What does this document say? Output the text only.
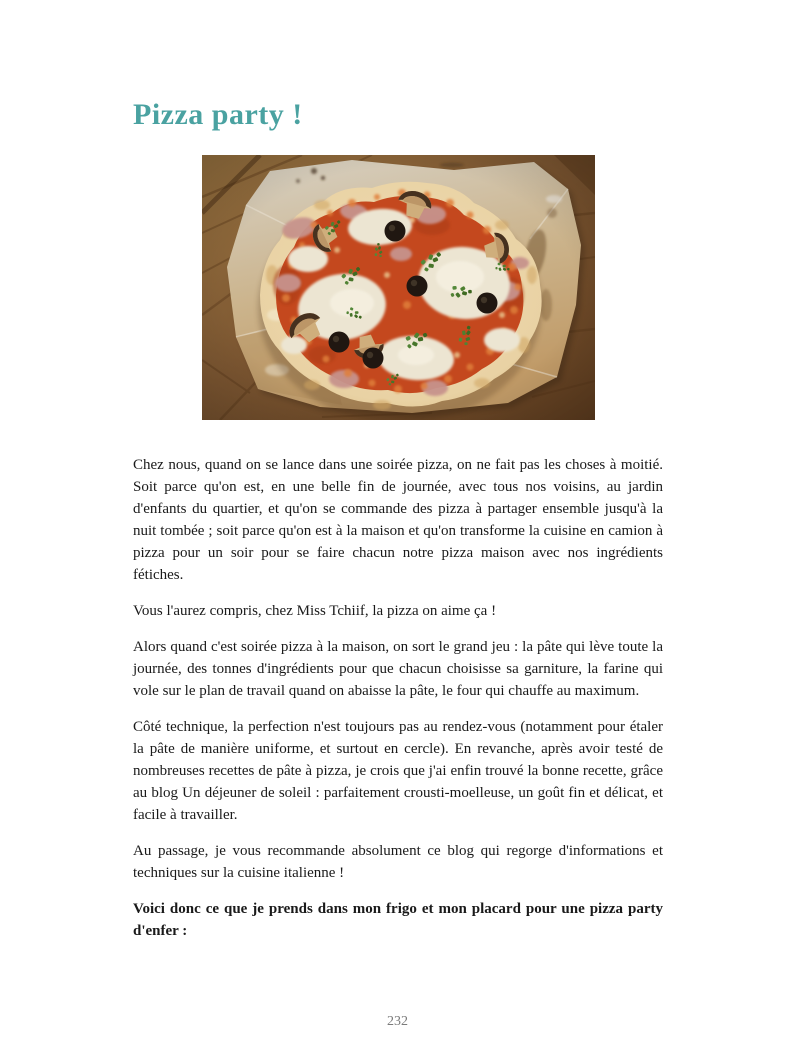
Pizza party !

Chez nous, quand on se lance dans une soirée pizza, on ne fait pas les choses à moitié. Soit parce qu'on est, en une belle fin de journée, avec tous nos voisins, au jardin d'enfants du quartier, et qu'on se commande des pizza à partager ensemble jusqu'à la nuit tombée ; soit parce qu'on est à la maison et qu'on transforme la cuisine en camion à pizza pour un soir pour se faire chacun notre pizza maison avec nos ingrédients fétiches.

Vous l'aurez compris, chez Miss Tchiif, la pizza on aime ça !

Alors quand c'est soirée pizza à la maison, on sort le grand jeu : la pâte qui lève toute la journée, des tonnes d'ingrédients pour que chacun choisisse sa garniture, la farine qui vole sur le plan de travail quand on abaisse la pâte, le four qui chauffe au maximum.

Côté technique, la perfection n'est toujours pas au rendez-vous (notamment pour étaler la pâte de manière uniforme, et surtout en cercle). En revanche, après avoir testé de nombreuses recettes de pâte à pizza, je crois que j'ai enfin trouvé la bonne recette, grâce au blog Un déjeuner de soleil : parfaitement crousti-moelleuse, un goût fin et délicat, et facile à travailler.

Au passage, je vous recommande absolument ce blog qui regorge d'informations et techniques sur la cuisine italienne !

Voici donc ce que je prends dans mon frigo et mon placard pour une pizza party d'enfer :

232
